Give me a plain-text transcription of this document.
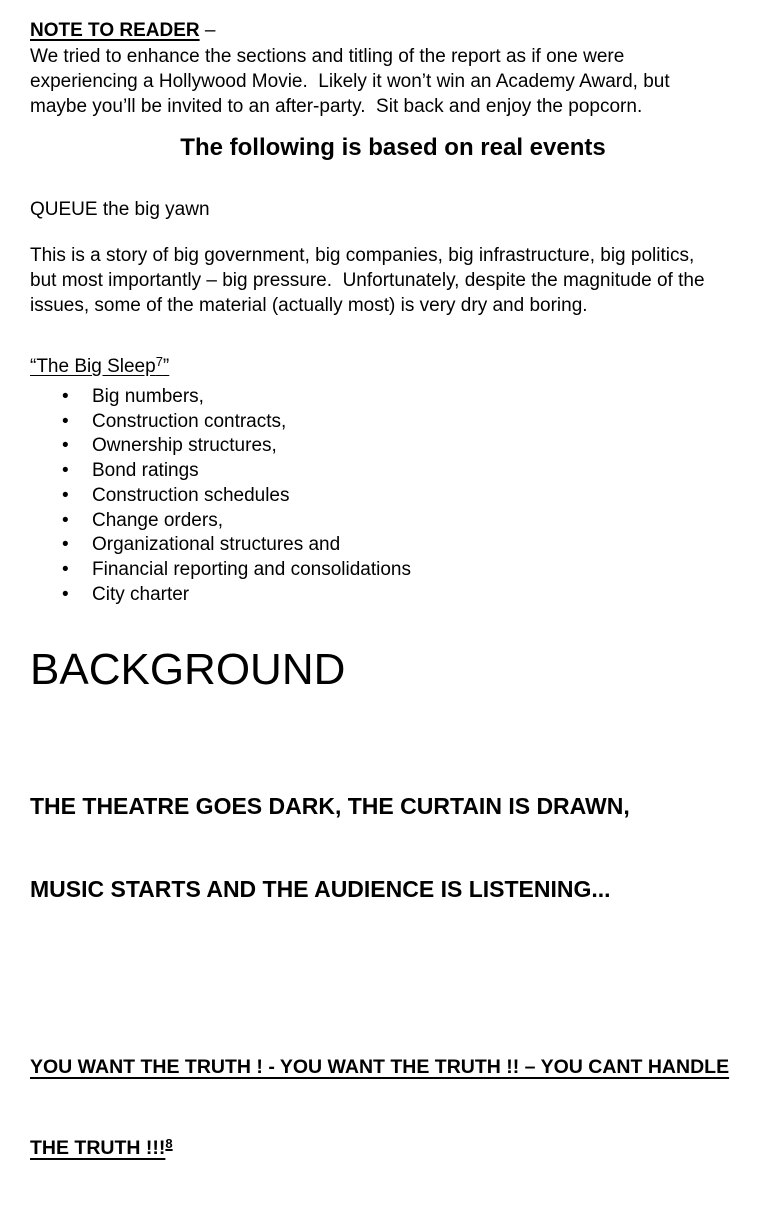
NOTE TO READER –
We tried to enhance the sections and titling of the report as if one were
experiencing a Hollywood Movie.  Likely it won’t win an Academy Award, but
maybe you’ll be invited to an after-party.  Sit back and enjoy the popcorn.
The following is based on real events
QUEUE the big yawn
This is a story of big government, big companies, big infrastructure, big politics,
but most importantly – big pressure.  Unfortunately, despite the magnitude of the
issues, some of the material (actually most) is very dry and boring.
“The Big Sleep$^7$”
• Big numbers,
• Construction contracts,
• Ownership structures,
• Bond ratings
• Construction schedules
• Change orders,
• Organizational structures and
• Financial reporting and consolidations
• City charter
BACKGROUND

THE THEATRE GOES DARK, THE CURTAIN IS DRAWN,

MUSIC STARTS AND THE AUDIENCE IS LISTENING...

YOU WANT THE TRUTH ! - YOU WANT THE TRUTH !! – YOU CANT HANDLE

THE TRUTH !!!$^8$
